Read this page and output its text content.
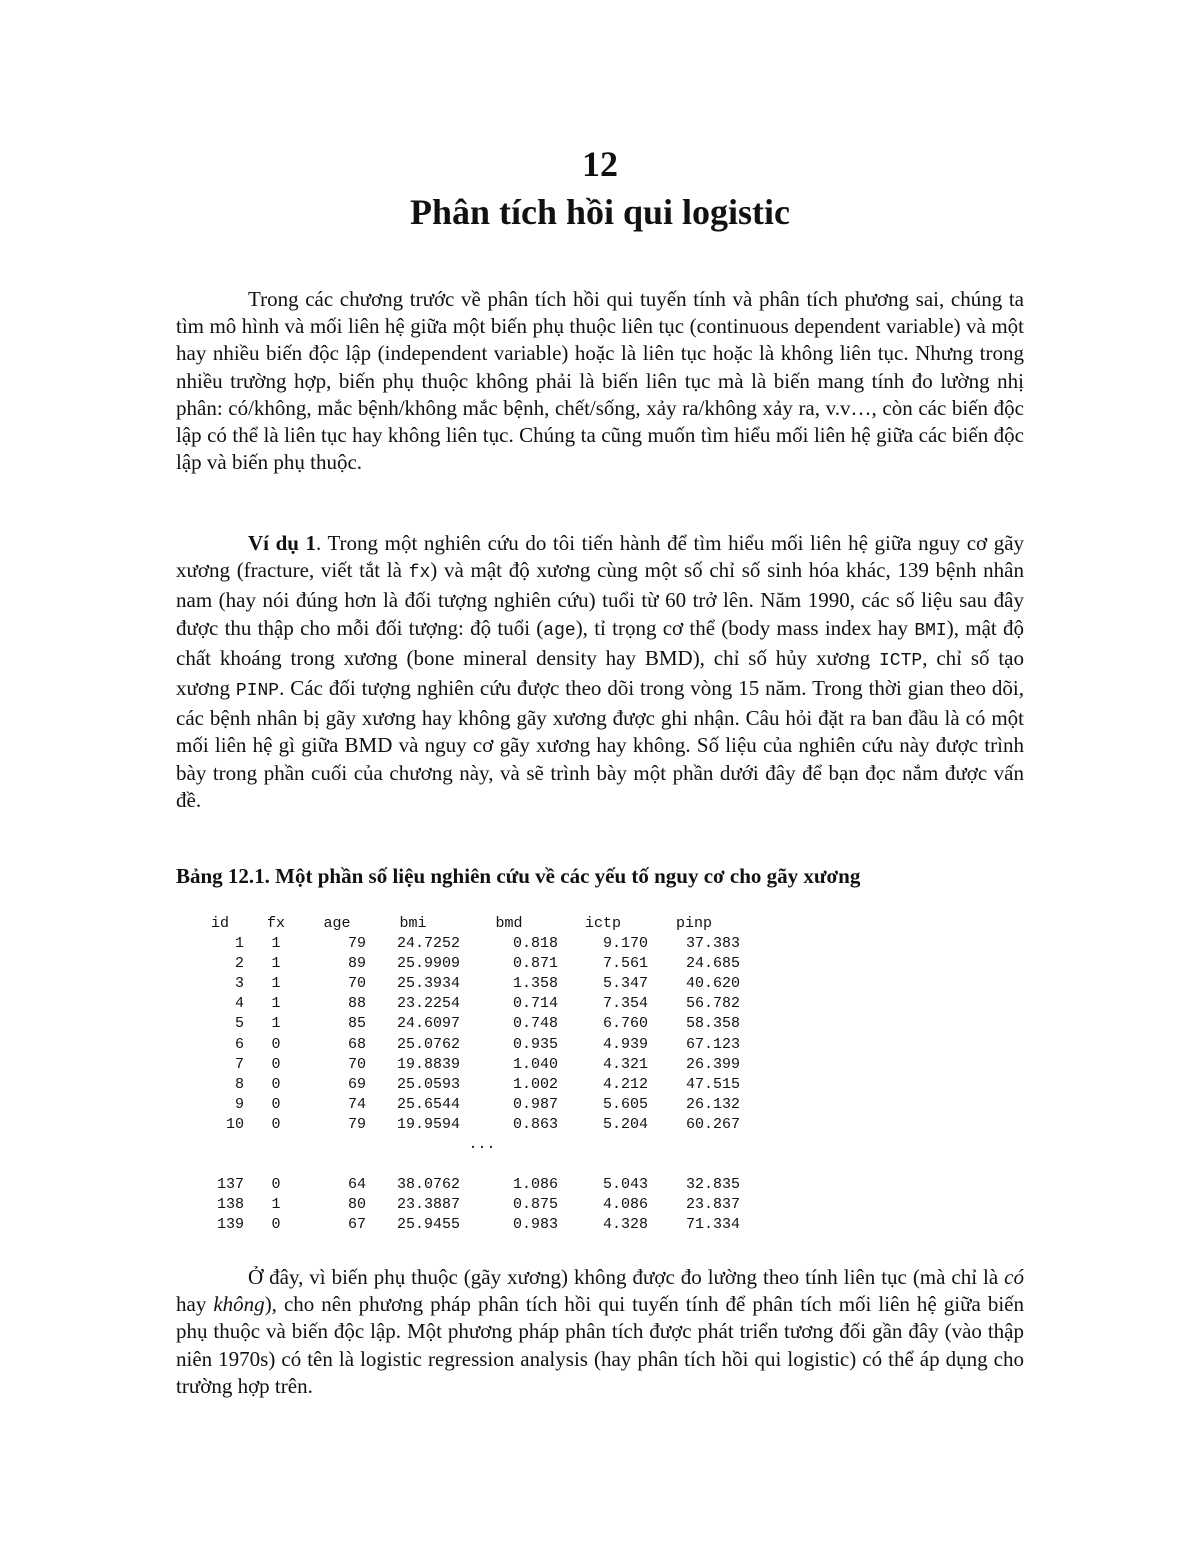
12
Phân tích hồi qui logistic

Trong các chương trước về phân tích hồi qui tuyến tính và phân tích phương sai, chúng ta tìm mô hình và mối liên hệ giữa một biến phụ thuộc liên tục (continuous dependent variable) và một hay nhiều biến độc lập (independent variable) hoặc là liên tục hoặc là không liên tục. Nhưng trong nhiều trường hợp, biến phụ thuộc không phải là biến liên tục mà là biến mang tính đo lường nhị phân: có/không, mắc bệnh/không mắc bệnh, chết/sống, xảy ra/không xảy ra, v.v…, còn các biến độc lập có thể là liên tục hay không liên tục. Chúng ta cũng muốn tìm hiểu mối liên hệ giữa các biến độc lập và biến phụ thuộc.

Ví dụ 1. Trong một nghiên cứu do tôi tiến hành để tìm hiểu mối liên hệ giữa nguy cơ gãy xương (fracture, viết tắt là fx) và mật độ xương cùng một số chỉ số sinh hóa khác, 139 bệnh nhân nam (hay nói đúng hơn là đối tượng nghiên cứu) tuổi từ 60 trở lên. Năm 1990, các số liệu sau đây được thu thập cho mỗi đối tượng: độ tuổi (age), tỉ trọng cơ thể (body mass index hay BMI), mật độ chất khoáng trong xương (bone mineral density hay BMD), chỉ số hủy xương ICTP, chỉ số tạo xương PINP. Các đối tượng nghiên cứu được theo dõi trong vòng 15 năm. Trong thời gian theo dõi, các bệnh nhân bị gãy xương hay không gãy xương được ghi nhận. Câu hỏi đặt ra ban đầu là có một mối liên hệ gì giữa BMD và nguy cơ gãy xương hay không. Số liệu của nghiên cứu này được trình bày trong phần cuối của chương này, và sẽ trình bày một phần dưới đây để bạn đọc nắm được vấn đề.

Bảng 12.1. Một phần số liệu nghiên cứu về các yếu tố nguy cơ cho gãy xương

id	fx	age	bmi	bmd	ictp	pinp
1	1	79	24.7252	0.818	9.170	37.383
2	1	89	25.9909	0.871	7.561	24.685
3	1	70	25.3934	1.358	5.347	40.620
4	1	88	23.2254	0.714	7.354	56.782
5	1	85	24.6097	0.748	6.760	58.358
6	0	68	25.0762	0.935	4.939	67.123
7	0	70	19.8839	1.040	4.321	26.399
8	0	69	25.0593	1.002	4.212	47.515
9	0	74	25.6544	0.987	5.605	26.132
10	0	79	19.9594	0.863	5.204	60.267
...						

137	0	64	38.0762	1.086	5.043	32.835
138	1	80	23.3887	0.875	4.086	23.837
139	0	67	25.9455	0.983	4.328	71.334

Ở đây, vì biến phụ thuộc (gãy xương) không được đo lường theo tính liên tục (mà chỉ là có hay không), cho nên phương pháp phân tích hồi qui tuyến tính để phân tích mối liên hệ giữa biến phụ thuộc và biến độc lập. Một phương pháp phân tích được phát triển tương đối gần đây (vào thập niên 1970s) có tên là logistic regression analysis (hay phân tích hồi qui logistic) có thể áp dụng cho trường hợp trên.
